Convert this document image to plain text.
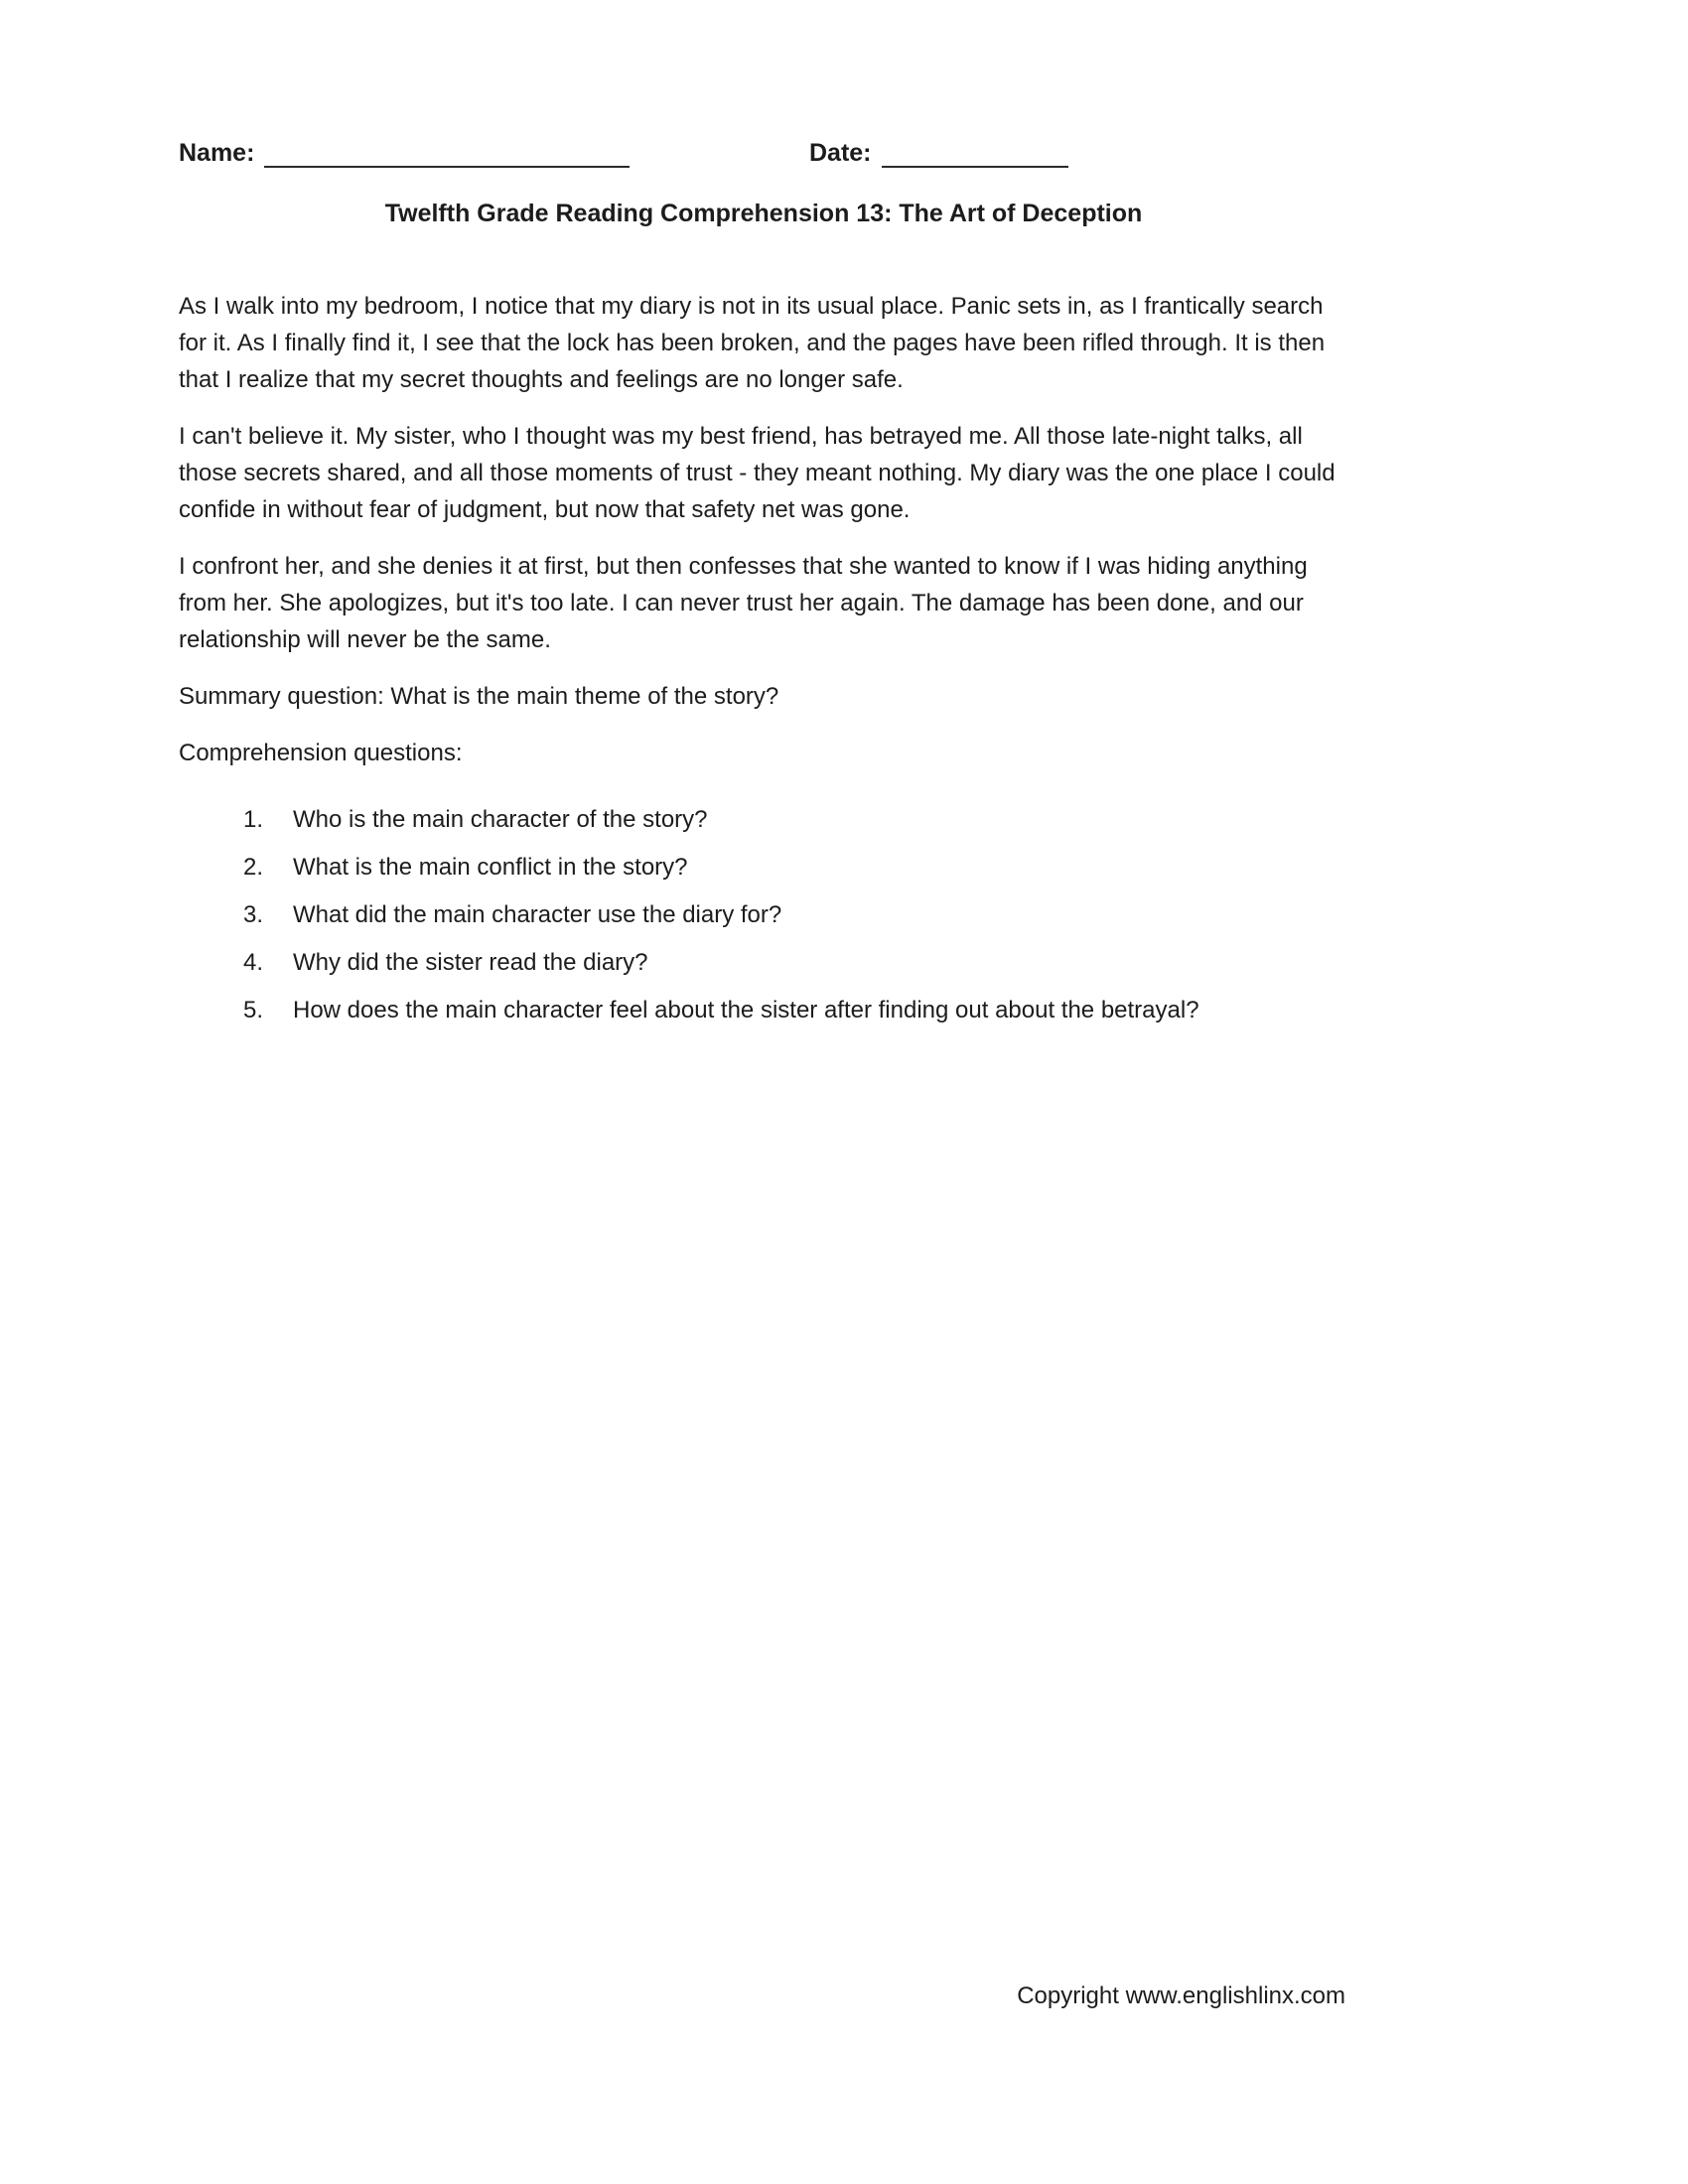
Name:	Date:
Twelfth Grade Reading Comprehension 13: The Art of Deception

As I walk into my bedroom, I notice that my diary is not in its usual place. Panic sets in, as I frantically search for it. As I finally find it, I see that the lock has been broken, and the pages have been rifled through. It is then that I realize that my secret thoughts and feelings are no longer safe.

I can't believe it. My sister, who I thought was my best friend, has betrayed me. All those late-night talks, all those secrets shared, and all those moments of trust - they meant nothing. My diary was the one place I could confide in without fear of judgment, but now that safety net was gone.

I confront her, and she denies it at first, but then confesses that she wanted to know if I was hiding anything from her. She apologizes, but it's too late. I can never trust her again. The damage has been done, and our relationship will never be the same.

Summary question: What is the main theme of the story?

Comprehension questions:

1.	Who is the main character of the story?
2.	What is the main conflict in the story?
3.	What did the main character use the diary for?
4.	Why did the sister read the diary?
5.	How does the main character feel about the sister after finding out about the betrayal?
Copyright www.englishlinx.com
